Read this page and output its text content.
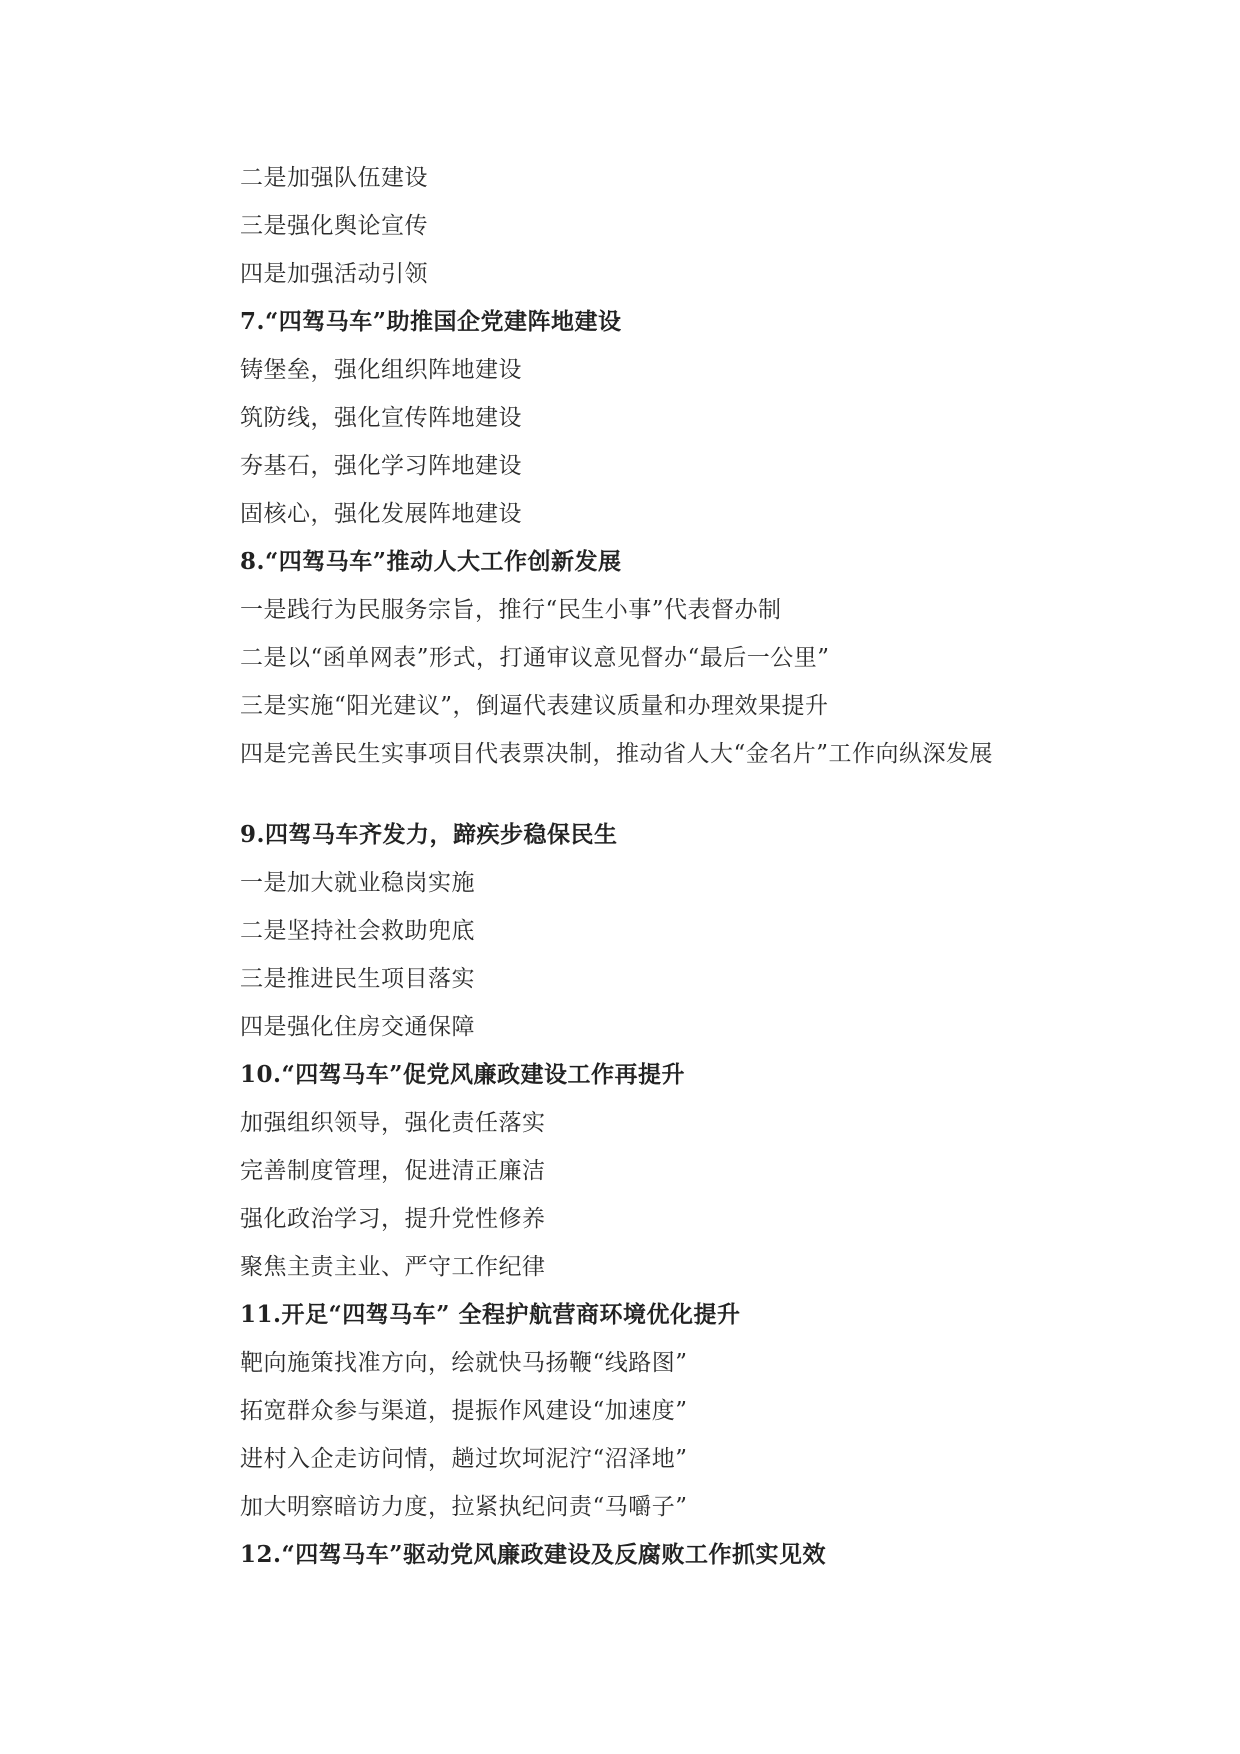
二是加强队伍建设
三是强化舆论宣传
四是加强活动引领
7.“四驾马车”助推国企党建阵地建设
铸堡垒，强化组织阵地建设
筑防线，强化宣传阵地建设
夯基石，强化学习阵地建设
固核心，强化发展阵地建设
8.“四驾马车”推动人大工作创新发展
一是践行为民服务宗旨，推行“民生小事”代表督办制
二是以“函单网表”形式，打通审议意见督办“最后一公里”
三是实施“阳光建议”，倒逼代表建议质量和办理效果提升
四是完善民生实事项目代表票决制，推动省人大“金名片”工作向纵深发展
9.四驾马车齐发力，蹄疾步稳保民生
一是加大就业稳岗实施
二是坚持社会救助兜底
三是推进民生项目落实
四是强化住房交通保障
10.“四驾马车”促党风廉政建设工作再提升
加强组织领导，强化责任落实
完善制度管理，促进清正廉洁
强化政治学习，提升党性修养
聚焦主责主业、严守工作纪律
11.开足“四驾马车” 全程护航营商环境优化提升
靶向施策找准方向，绘就快马扬鞭“线路图”
拓宽群众参与渠道，提振作风建设“加速度”
进村入企走访问情，趟过坎坷泥泞“沼泽地”
加大明察暗访力度，拉紧执纪问责“马嚼子”
12.“四驾马车”驱动党风廉政建设及反腐败工作抓实见效
